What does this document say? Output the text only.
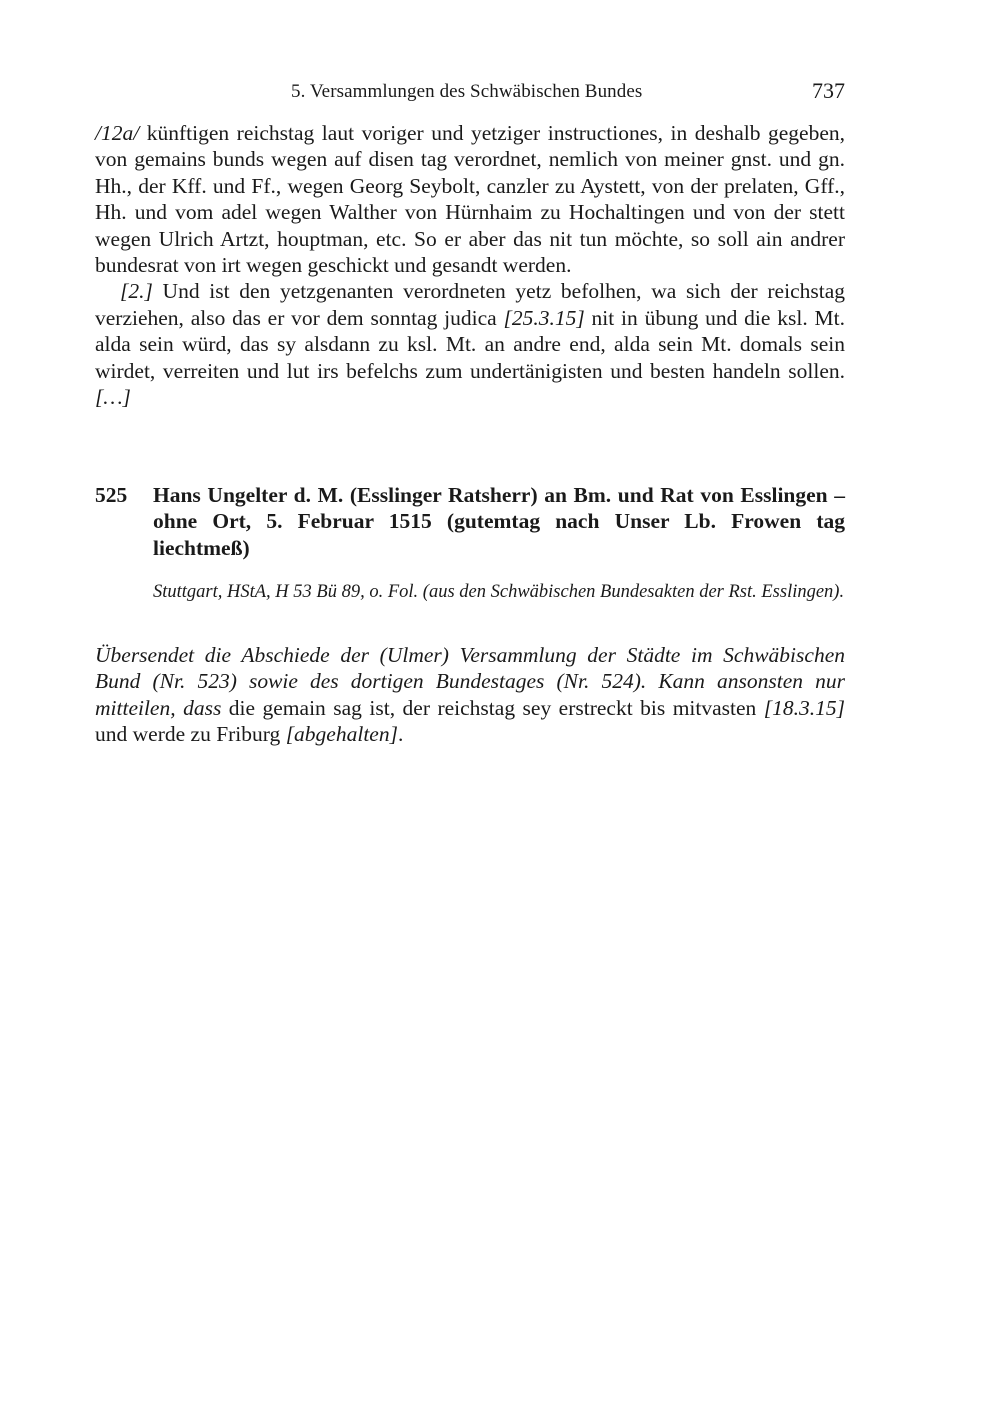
5. Versammlungen des Schwäbischen Bundes	737

/12a/ künftigen reichstag laut voriger und yetziger instructiones, in deshalb gegeben, von gemains bunds wegen auf disen tag verordnet, nemlich von meiner gnst. und gn. Hh., der Kff. und Ff., wegen Georg Seybolt, canzler zu Aystett, von der prelaten, Gff., Hh. und vom adel wegen Walther von Hürnhaim zu Hochaltingen und von der stett wegen Ulrich Artzt, houptman, etc. So er aber das nit tun möchte, so soll ain andrer bundesrat von irt wegen geschickt und gesandt werden.

[2.] Und ist den yetzgenanten verordneten yetz befolhen, wa sich der reichstag verziehen, also das er vor dem sonntag judica [25.3.15] nit in übung und die ksl. Mt. alda sein würd, das sy alsdann zu ksl. Mt. an andre end, alda sein Mt. domals sein wirdet, verreiten und lut irs befelchs zum undertänigisten und besten handeln sollen. […]

525 Hans Ungelter d. M. (Esslinger Ratsherr) an Bm. und Rat von Esslingen – ohne Ort, 5. Februar 1515 (gutemtag nach Unser Lb. Frowen tag liechtmeß)
Stuttgart, HStA, H 53 Bü 89, o. Fol. (aus den Schwäbischen Bundesakten der Rst. Esslingen).
Übersendet die Abschiede der (Ulmer) Versammlung der Städte im Schwäbischen Bund (Nr. 523) sowie des dortigen Bundestages (Nr. 524). Kann ansonsten nur mitteilen, dass die gemain sag ist, der reichstag sey erstreckt bis mitvasten [18.3.15] und werde zu Friburg [abgehalten].
